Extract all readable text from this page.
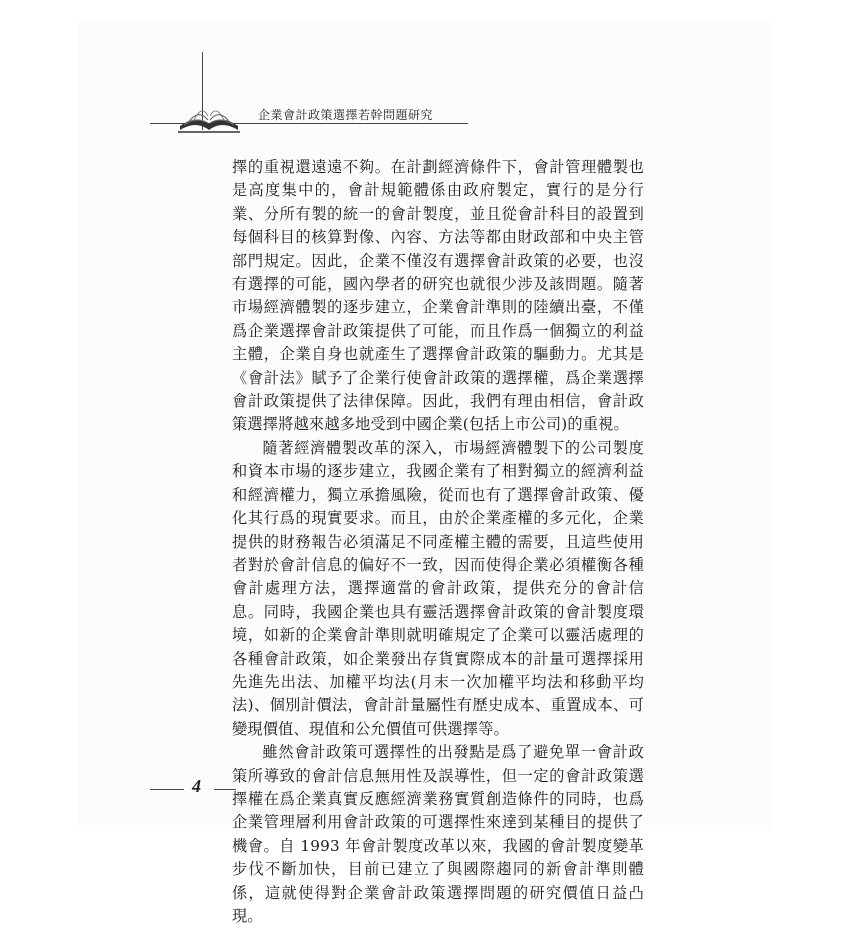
企業會計政策選擇若幹問題研究

擇的重視還遠遠不夠。在計劃經濟條件下，會計管理體製也是高度集中的，會計規範體係由政府製定，實行的是分行業、分所有製的統一的會計製度，並且從會計科目的設置到每個科目的核算對像、內容、方法等都由財政部和中央主管部門規定。因此，企業不僅沒有選擇會計政策的必要，也沒有選擇的可能，國內學者的研究也就很少涉及該問題。隨著市場經濟體製的逐步建立，企業會計準則的陸續出臺，不僅爲企業選擇會計政策提供了可能，而且作爲一個獨立的利益主體，企業自身也就產生了選擇會計政策的驅動力。尤其是《會計法》賦予了企業行使會計政策的選擇權，爲企業選擇會計政策提供了法律保障。因此，我們有理由相信，會計政策選擇將越來越多地受到中國企業(包括上市公司)的重視。

隨著經濟體製改革的深入，市場經濟體製下的公司製度和資本市場的逐步建立，我國企業有了相對獨立的經濟利益和經濟權力，獨立承擔風險，從而也有了選擇會計政策、優化其行爲的現實要求。而且，由於企業產權的多元化，企業提供的財務報告必須滿足不同產權主體的需要，且這些使用者對於會計信息的偏好不一致，因而使得企業必須權衡各種會計處理方法，選擇適當的會計政策，提供充分的會計信息。同時，我國企業也具有靈活選擇會計政策的會計製度環境，如新的企業會計準則就明確規定了企業可以靈活處理的各種會計政策，如企業發出存貨實際成本的計量可選擇採用先進先出法、加權平均法(月末一次加權平均法和移動平均法)、個別計價法，會計計量屬性有歷史成本、重置成本、可變現價值、現值和公允價值可供選擇等。

雖然會計政策可選擇性的出發點是爲了避免單一會計政策所導致的會計信息無用性及誤導性，但一定的會計政策選擇權在爲企業真實反應經濟業務實質創造條件的同時，也爲企業管理層利用會計政策的可選擇性來達到某種目的提供了機會。自 1993 年會計製度改革以來，我國的會計製度變革步伐不斷加快，目前已建立了與國際趨同的新會計準則體係，這就使得對企業會計政策選擇問題的研究價值日益凸現。

4
